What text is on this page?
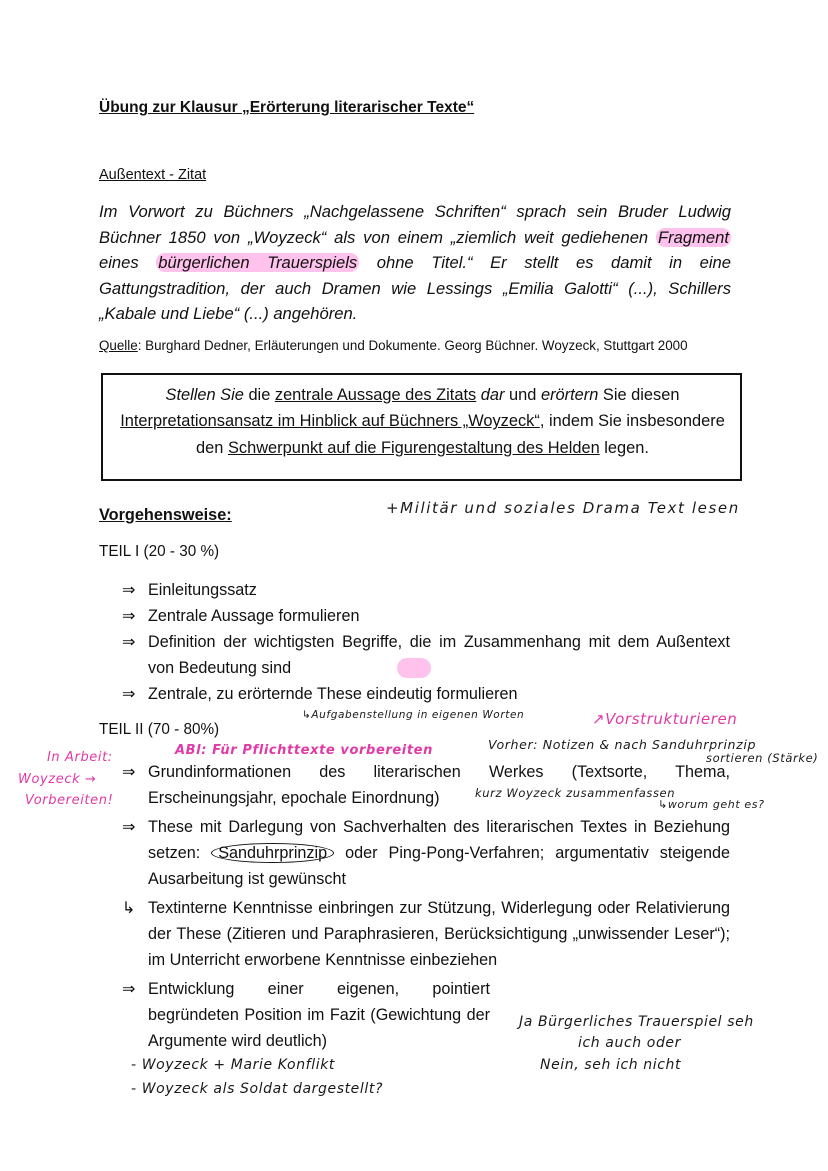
Übung zur Klausur „Erörterung literarischer Texte“
Außentext - Zitat
Im Vorwort zu Büchners „Nachgelassene Schriften“ sprach sein Bruder Ludwig Büchner 1850 von „Woyzeck“ als von einem „ziemlich weit gediehenen Fragment eines bürgerlichen Trauerspiels ohne Titel.“ Er stellt es damit in eine Gattungstradition, der auch Dramen wie Lessings „Emilia Galotti“ (...), Schillers „Kabale und Liebe“ (...) angehören.
Quelle: Burghard Dedner, Erläuterungen und Dokumente. Georg Büchner. Woyzeck, Stuttgart 2000
Stellen Sie die zentrale Aussage des Zitats dar und erörtern Sie diesen Interpretationsansatz im Hinblick auf Büchners „Woyzeck“, indem Sie insbesondere den Schwerpunkt auf die Figurengestaltung des Helden legen.
Vorgehensweise:	+Militär und soziales Drama Text lesen
TEIL I (20 - 30 %)
⇒ Einleitungssatz
⇒ Zentrale Aussage formulieren
⇒ Definition der wichtigsten Begriffe, die im Zusammenhang mit dem Außentext von Bedeutung sind
⇒ Zentrale, zu erörternde These eindeutig formulieren
↳Aufgabenstellung in eigenen Worten	↗Vorstrukturieren
TEIL II (70 - 80%)
ABl: Für Pflichttexte vorbereiten	Vorher: Notizen & nach Sanduhrprinzip
sortieren (Stärke)
In Arbeit:
Woyzeck →
Vorbereiten!
⇒ Grundinformationen des literarischen Werkes (Textsorte, Thema, Erscheinungsjahr, epochale Einordnung)	kurz Woyzeck zusammenfassen
↳worum geht es?
⇒ These mit Darlegung von Sachverhalten des literarischen Textes in Beziehung setzen: Sanduhrprinzip oder Ping-Pong-Verfahren; argumentativ steigende Ausarbeitung ist gewünscht
↳ Textinterne Kenntnisse einbringen zur Stützung, Widerlegung oder Relativierung der These (Zitieren und Paraphrasieren, Berücksichtigung „unwissender Leser“); im Unterricht erworbene Kenntnisse einbeziehen
⇒ Entwicklung einer eigenen, pointiert begründeten Position im Fazit (Gewichtung der Argumente wird deutlich)
Ja Bürgerliches Trauerspiel seh
ich auch oder
Nein, seh ich nicht
- Woyzeck + Marie Konflikt
- Woyzeck als Soldat dargestellt?
